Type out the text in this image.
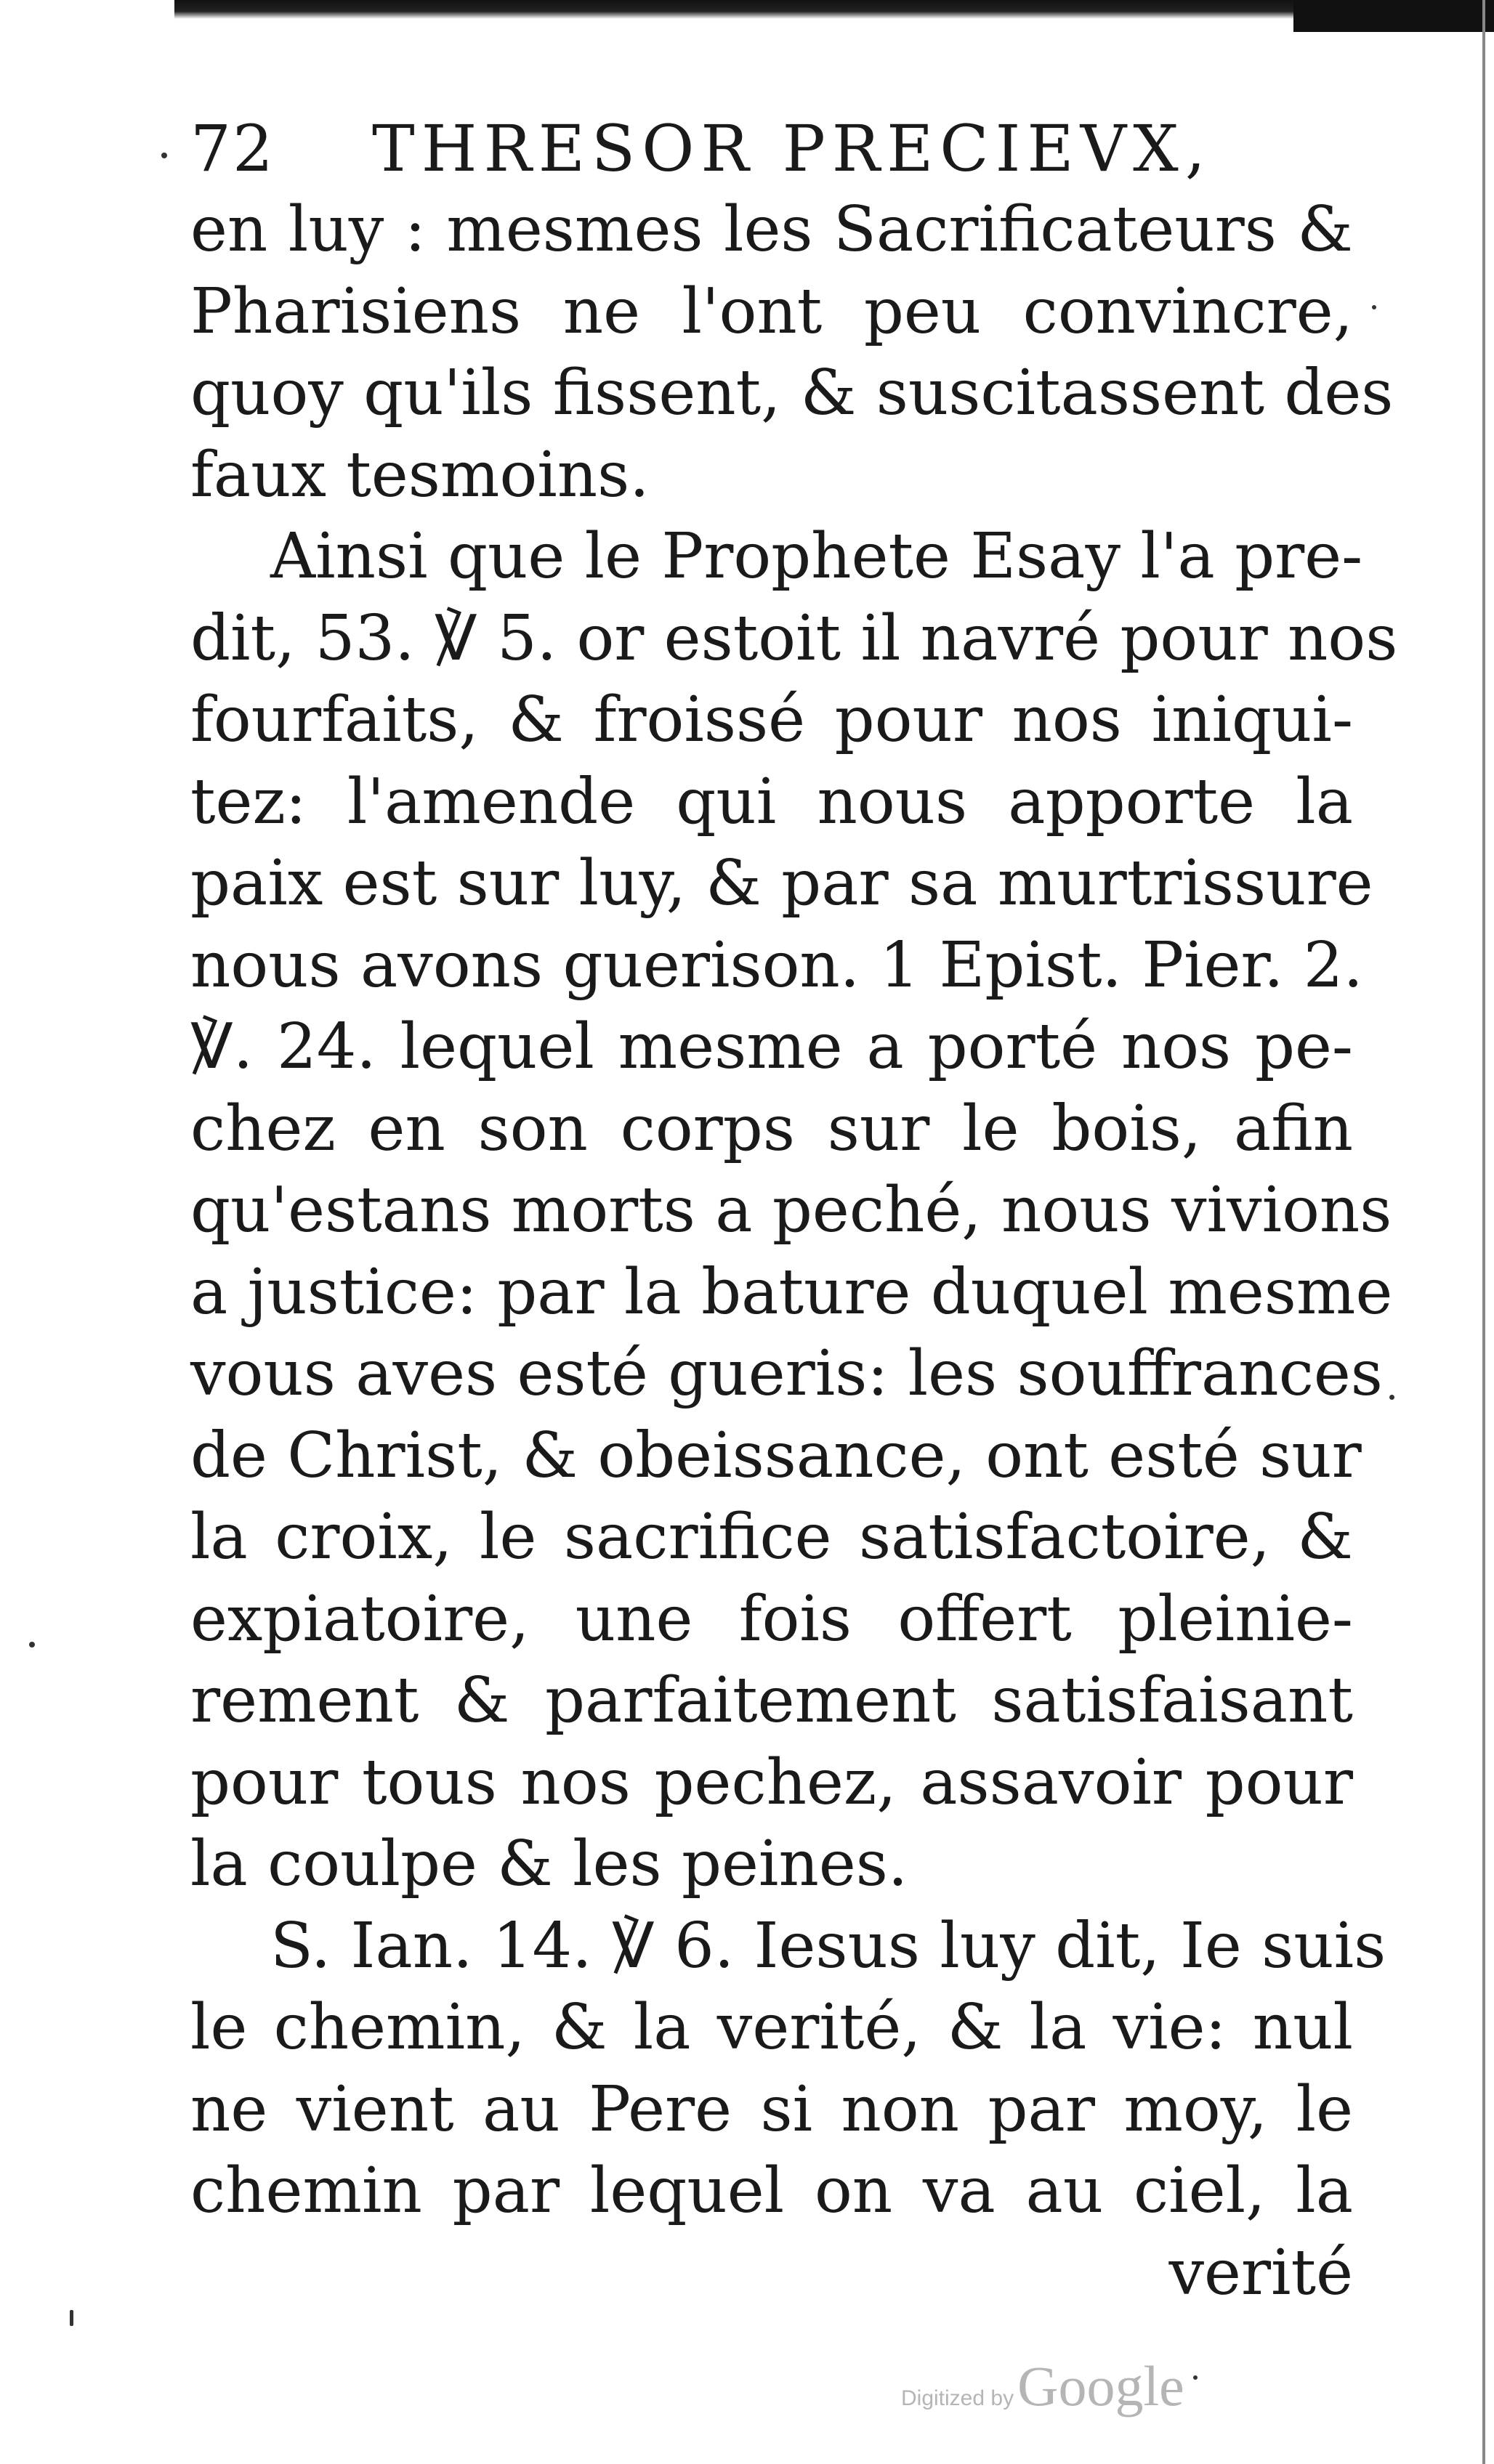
72 THRESOR PRECIEVX,
en luy : mesmes les Sacrificateurs &
Pharisiens ne l'ont peu convincre,
quoy qu'ils fissent, & suscitassent des
faux tesmoins.
Ainsi que le Prophete Esay l'a pre-
dit, 53. ℣ 5. or estoit il navré pour nos
fourfaits, & froissé pour nos iniqui-
tez: l'amende qui nous apporte la
paix est sur luy, & par sa murtrissure
nous avons guerison. 1 Epist. Pier. 2.
℣. 24. lequel mesme a porté nos pe-
chez en son corps sur le bois, afin
qu'estans morts a peché, nous vivions
a justice: par la bature duquel mesme
vous aves esté gueris: les souffrances
de Christ, & obeissance, ont esté sur
la croix, le sacrifice satisfactoire, &
expiatoire, une fois offert pleinie-
rement & parfaitement satisfaisant
pour tous nos pechez, assavoir pour
la coulpe & les peines.
S. Ian. 14. ℣ 6. Iesus luy dit, Ie suis
le chemin, & la verité, & la vie: nul
ne vient au Pere si non par moy, le
chemin par lequel on va au ciel, la
verité
Digitized by Google
